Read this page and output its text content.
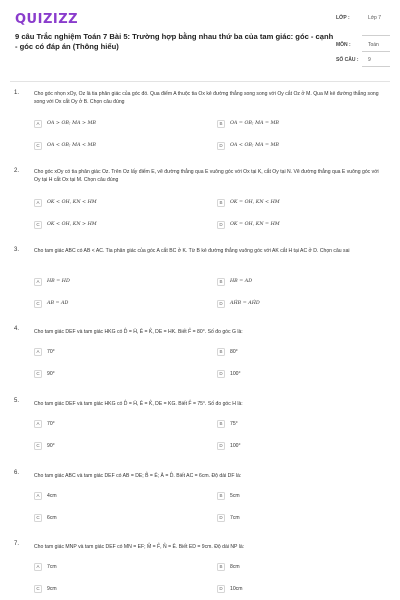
QUIZIZZ
9 câu Trắc nghiệm Toán 7 Bài 5: Trường hợp bằng nhau thứ ba của tam giác: góc - cạnh - góc có đáp án (Thông hiểu)
LỚP :	Lớp 7
MÔN :	Toán
SỐ CÂU : 9
1.	Cho góc nhọn xOy, Oz là tia phân giác của góc đó. Qua điểm A thuộc tia Ox kẻ đường thẳng song song với Oy cắt Oz ở M. Qua M kẻ đường thẳng song song với Ox cắt Oy ở B. Chọn câu đúng
A	OA > OB; MA > MB	B	OA = OB; MA = MB
C	OA < OB; MA < MB	D	OA < OB; MA = MB
2.	Cho góc xOy có tia phân giác Oz. Trên Oz lấy điểm E, vẽ đường thẳng qua E vuông góc với Ox tại K, cắt Oy tại N. Vẽ đường thẳng qua E vuông góc với Oy tại H cắt Ox tại M. Chọn câu đúng
A	OK < OH, KN < HM	B	OK = OH, KN < HM
C	OK < OH, KN > HM	D	OK = OH, KN = HM
3.	Cho tam giác ABC có AB < AC. Tia phân giác của góc A cắt BC ở K. Từ B kẻ đường thẳng vuông góc với AK cắt H tại AC ở D. Chọn câu sai
A	HB = HD	B	HB = AD
C	AB = AD	D	AĤB = AĤD
4.	Cho tam giác DEF và tam giác HKG có D̂ = Ĥ, Ê = K̂, DE = HK. Biết F̂ = 80°. Số đo góc G là:
A	70°	B	80°
C	90°	D	100°
5.	Cho tam giác DEF và tam giác HKG có D̂ = Ĥ, Ê = K̂, DE = KG. Biết F̂ = 75°. Số đo góc H là:
A	70°	B	75°
C	90°	D	100°
6.	Cho tam giác ABC và tam giác DEF có AB = DE; B̂ = Ê; Â = D̂. Biết AC = 6cm. Độ dài DF là:
A	4cm	B	5cm
C	6cm	D	7cm
7.	Cho tam giác MNP và tam giác DEF có MN = EF; M̂ = F̂, N̂ = Ê. Biết ED = 9cm. Độ dài NP là:
A	7cm	B	8cm
C	9cm	D	10cm
